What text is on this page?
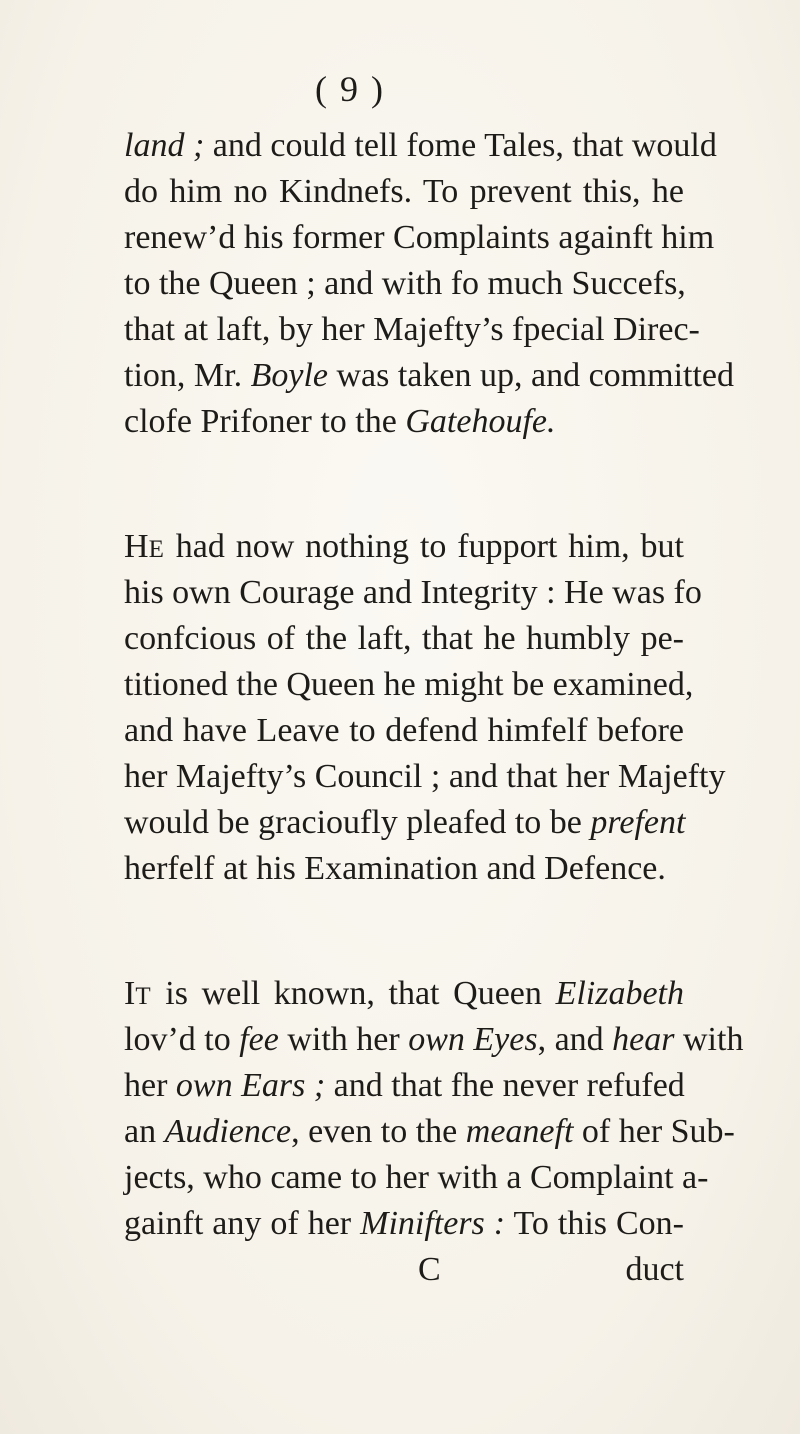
( 9 )
land ; and could tell fome Tales, that would
do him no Kindnefs. To prevent this, he
renew’d his former Complaints againft him
to the Queen ; and with fo much Succefs,
that at laft, by her Majefty’s fpecial Direc-
tion, Mr. Boyle was taken up, and committed
clofe Prifoner to the Gatehoufe.
HE had now nothing to fupport him, but
his own Courage and Integrity : He was fo
confcious of the laft, that he humbly pe-
titioned the Queen he might be examined,
and have Leave to defend himfelf before
her Majefty’s Council ; and that her Majefty
would be gracioufly pleafed to be prefent
herfelf at his Examination and Defence.
IT is well known, that Queen Elizabeth
lov’d to fee with her own Eyes, and hear with
her own Ears ; and that fhe never refufed
an Audience, even to the meaneft of her Sub-
jects, who came to her with a Complaint a-
gainft any of her Minifters : To this Con-
C	duct
